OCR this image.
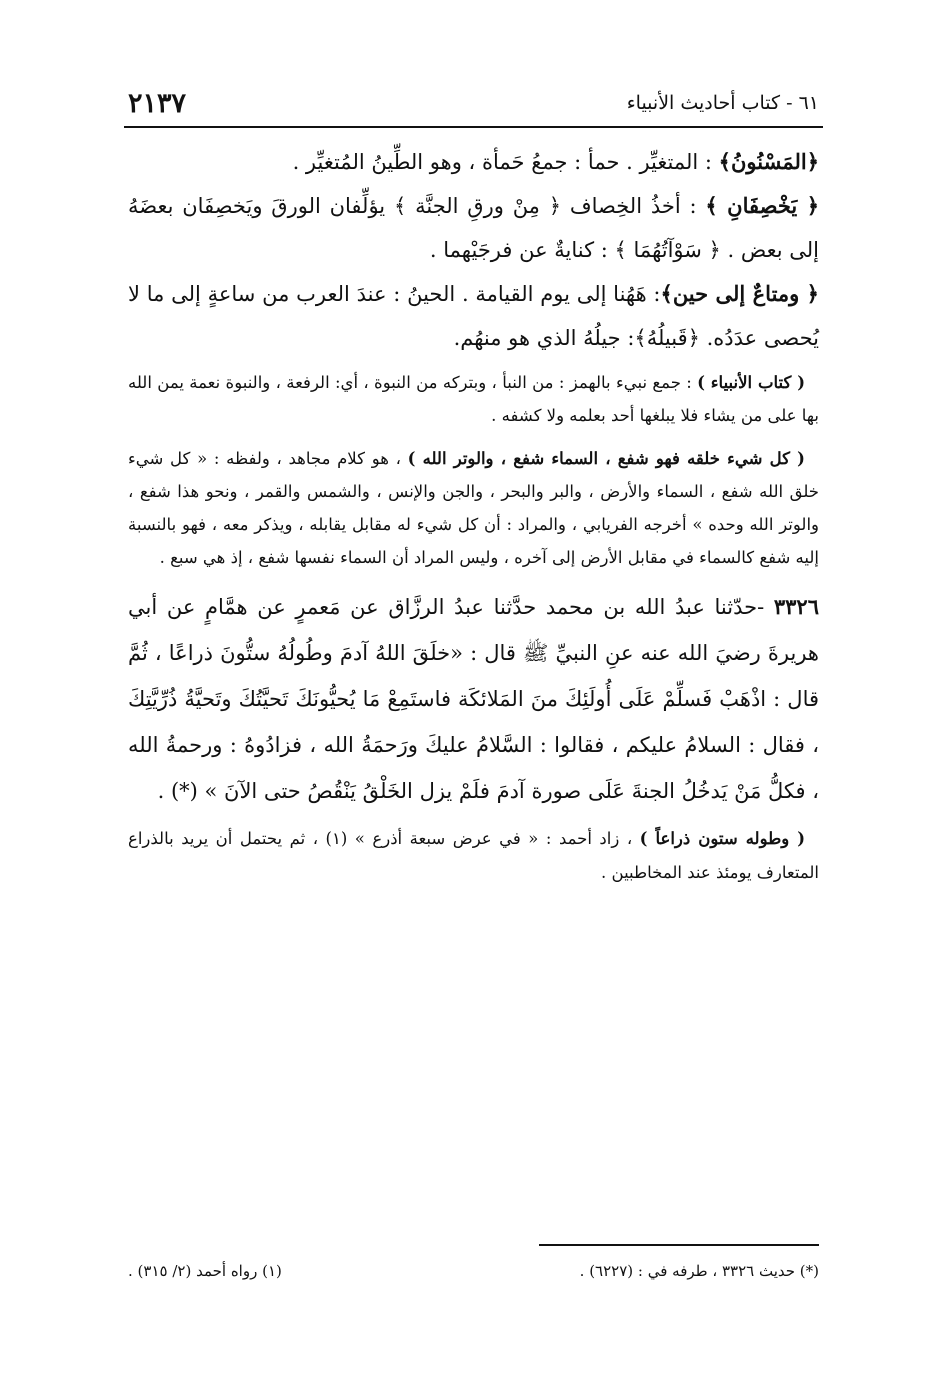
٦١ - كتاب أحاديث الأنبياء
٢١٣٧

﴿المَسْنُونُ﴾ : المتغيِّر . حمأ : جمعُ حَمأة ، وهو الطِّينُ المُتغيِّر .

﴿ يَخْصِفَانِ ﴾ : أخذُ الخِصاف ﴿ مِنْ ورقِ الجنَّة ﴾ يؤلِّفان الورقَ ويَخصِفَان بعضَهُ إلى بعض . ﴿ سَوْآتُهُمَا ﴾ : كنايةٌ عن فرجَيْهما .

﴿ ومتاعٌ إلى حين﴾: هَهُنا إلى يوم القيامة . الحينُ : عندَ العرب من ساعةٍ إلى ما لا يُحصى عدَدُه. ﴿قَبيلُهُ﴾: جيلُهُ الذي هو منهُم.

( كتاب الأنبياء ) : جمع نبيء بالهمز : من النبأ ، وبتركه من النبوة ، أي: الرفعة ، والنبوة نعمة يمن الله بها على من يشاء فلا يبلغها أحد بعلمه ولا كشفه .

( كل شيء خلقه فهو شفع ، السماء شفع ، والوتر الله ) ، هو كلام مجاهد ، ولفظه : « كل شيء خلق الله شفع ، السماء والأرض ، والبر والبحر ، والجن والإنس ، والشمس والقمر ، ونحو هذا شفع ، والوتر الله وحده » أخرجه الفريابي ، والمراد : أن كل شيء له مقابل يقابله ، ويذكر معه ، فهو بالنسبة إليه شفع كالسماء في مقابل الأرض إلى آخره ، وليس المراد أن السماء نفسها شفع ، إذ هي سبع .

٣٣٢٦ -حدّثنا عبدُ الله بن محمد حدَّثنا عبدُ الرزَّاق عن مَعمرٍ عن همَّامٍ عن أبي هريرةَ رضيَ الله عنه عنِ النبيِّ ﷺ قال : «خلَقَ اللهُ آدمَ وطُولُهُ ستُّونَ ذراعًا ، ثُمَّ قال : اذْهَبْ فَسلِّمْ عَلَى أُولَئِكَ منَ المَلائكَة فاستَمِعْ مَا يُحيُّونَكَ تَحيَّتُكَ وتَحيَّةُ ذُرِّيَّتِكَ ، فقال : السلامُ عليكم ، فقالوا : السَّلامُ عليكَ ورَحمَةُ الله ، فزادُوهُ : ورحمةُ الله ، فكلُّ مَنْ يَدخُلُ الجنةَ عَلَى صورة آدمَ فلَمْ يزل الخَلْقُ يَنْقُصُ حتى الآنَ » (*) .

( وطوله ستون ذراعاً ) ، زاد أحمد : « في عرض سبعة أذرع » (١) ، ثم يحتمل أن يريد بالذراع المتعارف يومئذ عند المخاطبين .

(*) حديث ٣٣٢٦ ، طرفه في : (٦٢٢٧) .
(١) رواه أحمد (٢/ ٣١٥) .
